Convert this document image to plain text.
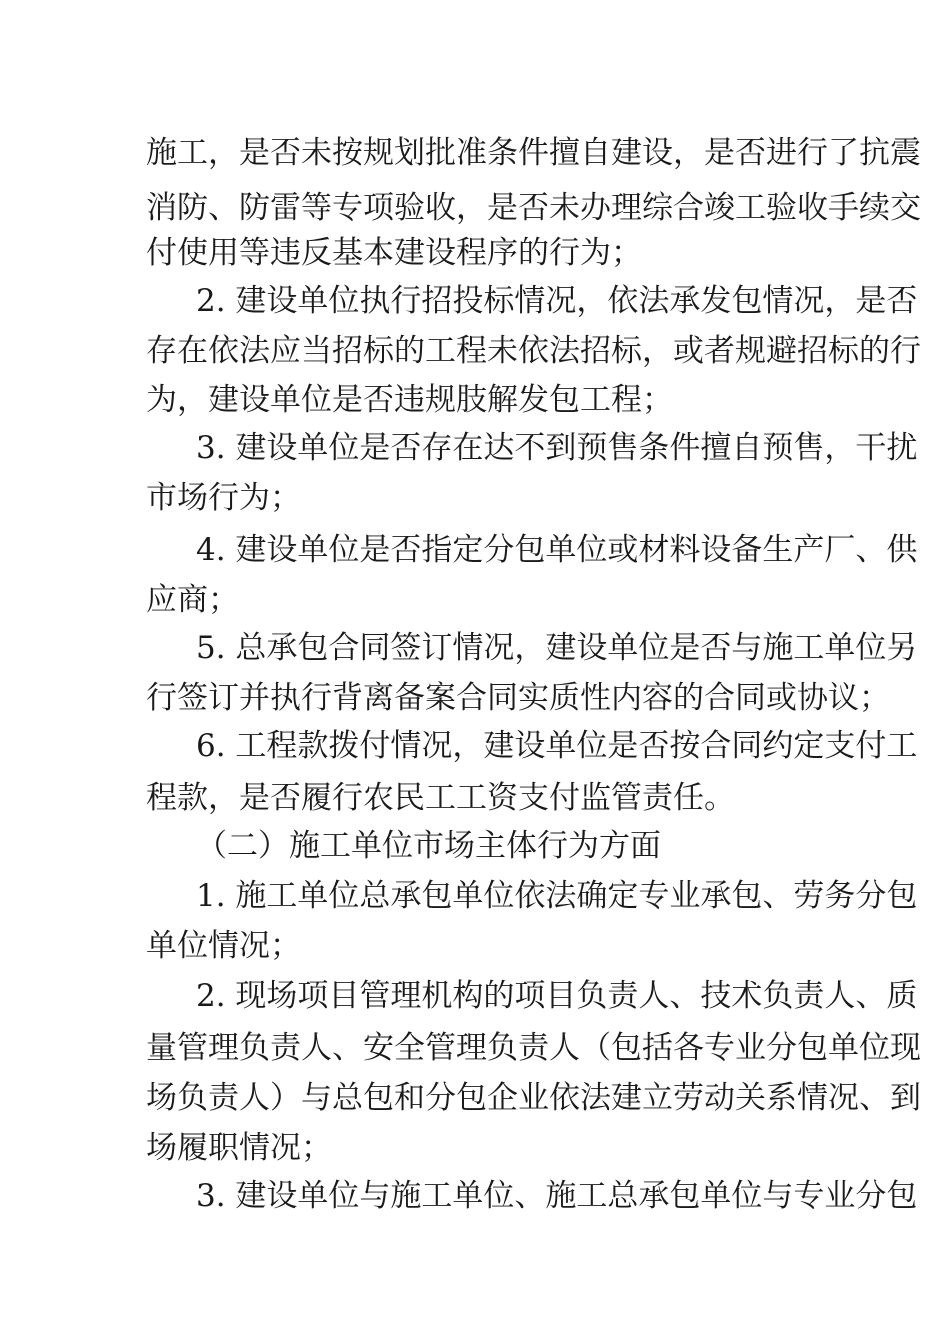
施工，是否未按规划批准条件擅自建设，是否进行了抗震
消防、防雷等专项验收，是否未办理综合竣工验收手续交
付使用等违反基本建设程序的行为；
2. 建设单位执行招投标情况，依法承发包情况，是否
存在依法应当招标的工程未依法招标，或者规避招标的行
为，建设单位是否违规肢解发包工程；
3. 建设单位是否存在达不到预售条件擅自预售，干扰
市场行为；
4. 建设单位是否指定分包单位或材料设备生产厂、供
应商；
5. 总承包合同签订情况，建设单位是否与施工单位另
行签订并执行背离备案合同实质性内容的合同或协议；
6. 工程款拨付情况，建设单位是否按合同约定支付工
程款，是否履行农民工工资支付监管责任。
（二）施工单位市场主体行为方面
1. 施工单位总承包单位依法确定专业承包、劳务分包
单位情况；
2. 现场项目管理机构的项目负责人、技术负责人、质
量管理负责人、安全管理负责人（包括各专业分包单位现
场负责人）与总包和分包企业依法建立劳动关系情况、到
场履职情况；
3. 建设单位与施工单位、施工总承包单位与专业分包
